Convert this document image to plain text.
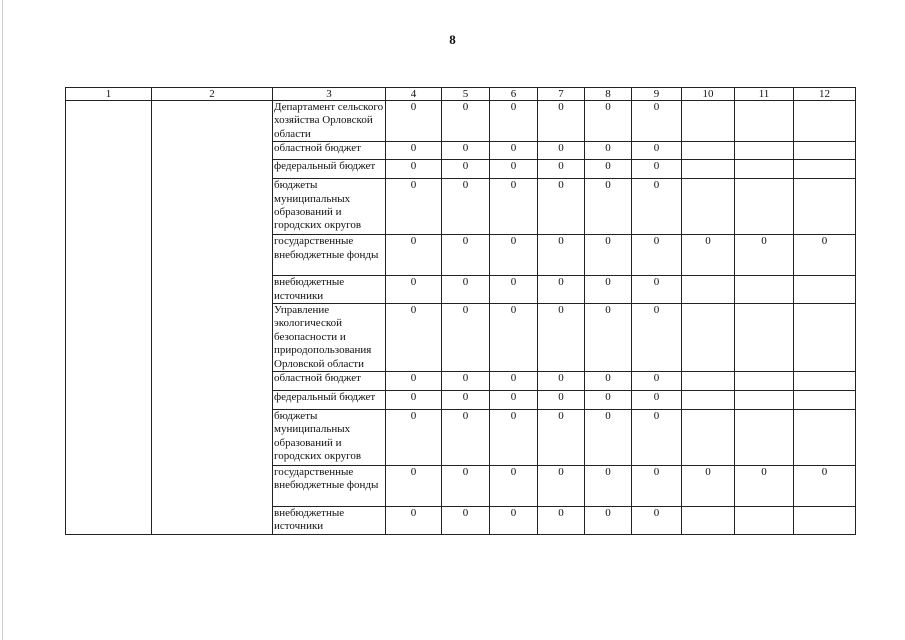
8
1	2	3	4	5	6	7	8	9	10	11	12
		Департамент сельского хозяйства Орловской области	0	0	0	0	0	0			
		областной бюджет	0	0	0	0	0	0			
		федеральный бюджет	0	0	0	0	0	0			
		бюджеты муниципальных образований и городских округов	0	0	0	0	0	0			
		государственные внебюджетные фонды	0	0	0	0	0	0	0	0	0
		внебюджетные источники	0	0	0	0	0	0			
		Управление экологической безопасности и природопользования Орловской области	0	0	0	0	0	0			
		областной бюджет	0	0	0	0	0	0			
		федеральный бюджет	0	0	0	0	0	0			
		бюджеты муниципальных образований и городских округов	0	0	0	0	0	0			
		государственные внебюджетные фонды	0	0	0	0	0	0	0	0	0
		внебюджетные источники	0	0	0	0	0	0			
